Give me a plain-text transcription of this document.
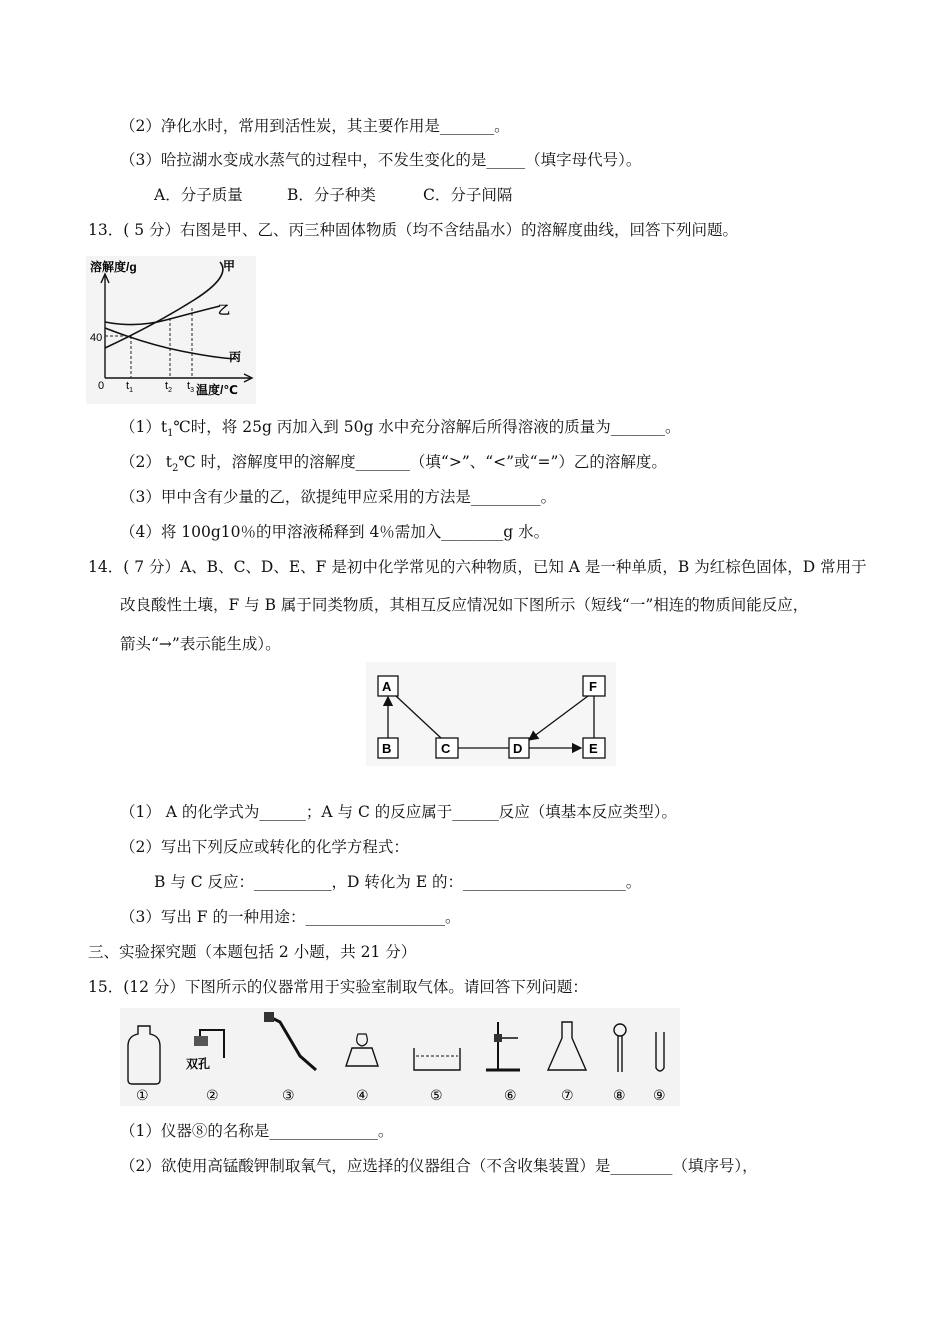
（2）净化水时，常用到活性炭，其主要作用是_______。
（3）哈拉湖水变成水蒸气的过程中，不发生变化的是_____（填字母代号）。
A．分子质量	B．分子种类	C．分子间隔
13．( 5 分）右图是甲、乙、丙三种固体物质（均不含结晶水）的溶解度曲线，回答下列问题。
溶解度/g
温度/℃
0
40
$t_1$	$t_2$ $t_3$
甲
乙
丙
$(1)t_1℃$时，将 25g 丙加入到 50g 水中充分溶解后所得溶液的质量为_______。
（2） $t_2℃$ 时，溶解度甲的溶解度_______（填“>”、“<”或“=”）乙的溶解度。
（3）甲中含有少量的乙，欲提纯甲应采用的方法是_________。
（4）将 100g10％的甲溶液稀释到 4％需加入________g 水。
14．( 7 分）A、B、C、D、E、F 是初中化学常见的六种物质，已知 A 是一种单质，B 为红棕色固体，D 常用于
改良酸性土壤，F 与 B 属于同类物质，其相互反应情况如下图所示（短线“一”相连的物质间能反应，
箭头“→”表示能生成）。
A
B	C	D	E
F
（1） A 的化学式为______；A 与 C 的反应属于______反应（填基本反应类型）。
（2）写出下列反应或转化的化学方程式：
B 与 C 反应：__________，D 转化为 E 的：_____________________。
（3）写出 F 的一种用途：__________________。
三、实验探究题（本题包括 2 小题，共 21 分）
15．(12 分）下图所示的仪器常用于实验室制取气体。请回答下列问题：
双孔
①	②	③	④	⑤	⑥	⑦	⑧ ⑨
（1）仪器⑧的名称是______________。
（2）欲使用高锰酸钾制取氧气，应选择的仪器组合（不含收集装置）是________（填序号），
